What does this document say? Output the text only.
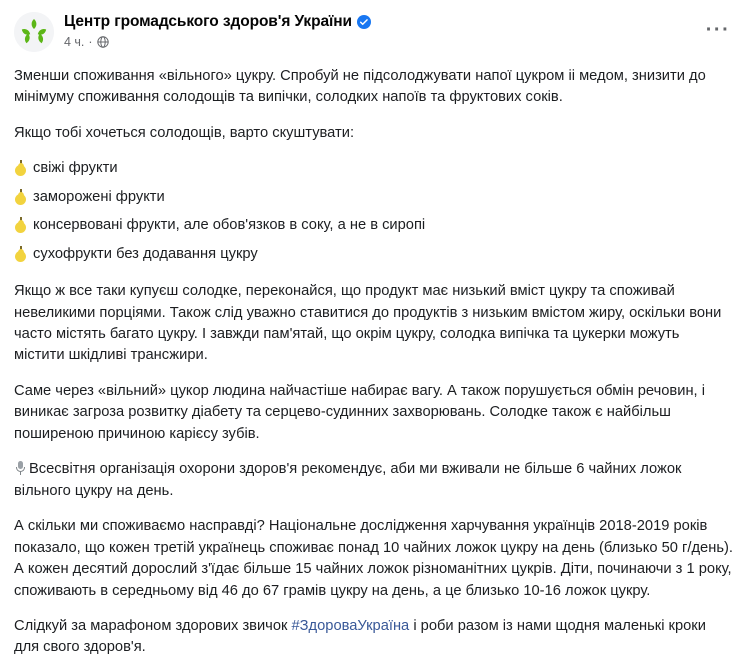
Центр громадського здоров'я України
4 ч. ·
···

Зменши споживання «вільного» цукру. Спробуй не підсолоджувати напої цукром іі медом, знизити до мінімуму споживання солодощів та випічки, солодких напоїв та фруктових соків.

Якщо тобі хочеться солодощів, варто скуштувати:

свіжі фрукти
заморожені фрукти
консервовані фрукти, але обов'язков в соку, а не в сиропі
сухофрукти без додавання цукру

Якщо ж все таки купуєш солодке, переконайся, що продукт має низький вміст цукру та споживай невеликими порціями. Також слід уважно ставитися до продуктів з низьким вмістом жиру, оскільки вони часто містять багато цукру. І завжди пам'ятай, що окрім цукру, солодка випічка та цукерки можуть містити шкідливі трансжири.

Саме через «вільний» цукор людина найчастіше набирає вагу. А також порушується обмін речовин, і виникає загроза розвитку діабету та серцево-судинних захворювань. Солодке також є найбільш поширеною причиною карієсу зубів.

Всесвітня організація охорони здоров'я рекомендує, аби ми вживали не більше 6 чайних ложок вільного цукру на день.

А скільки ми споживаємо насправді? Національне дослідження харчування українців 2018-2019 років показало, що кожен третій українець споживає понад 10 чайних ложок цукру на день (близько 50 г/день). А кожен десятий дорослий з'їдає більше 15 чайних ложок різноманітних цукрів. Діти, починаючи з 1 року, споживають в середньому від 46 до 67 грамів цукру на день, а це близько 10-16 ложок цукру.

Слідкуй за марафоном здорових звичок #ЗдороваУкраїна і роби разом із нами щодня маленькі кроки для свого здоров'я.
